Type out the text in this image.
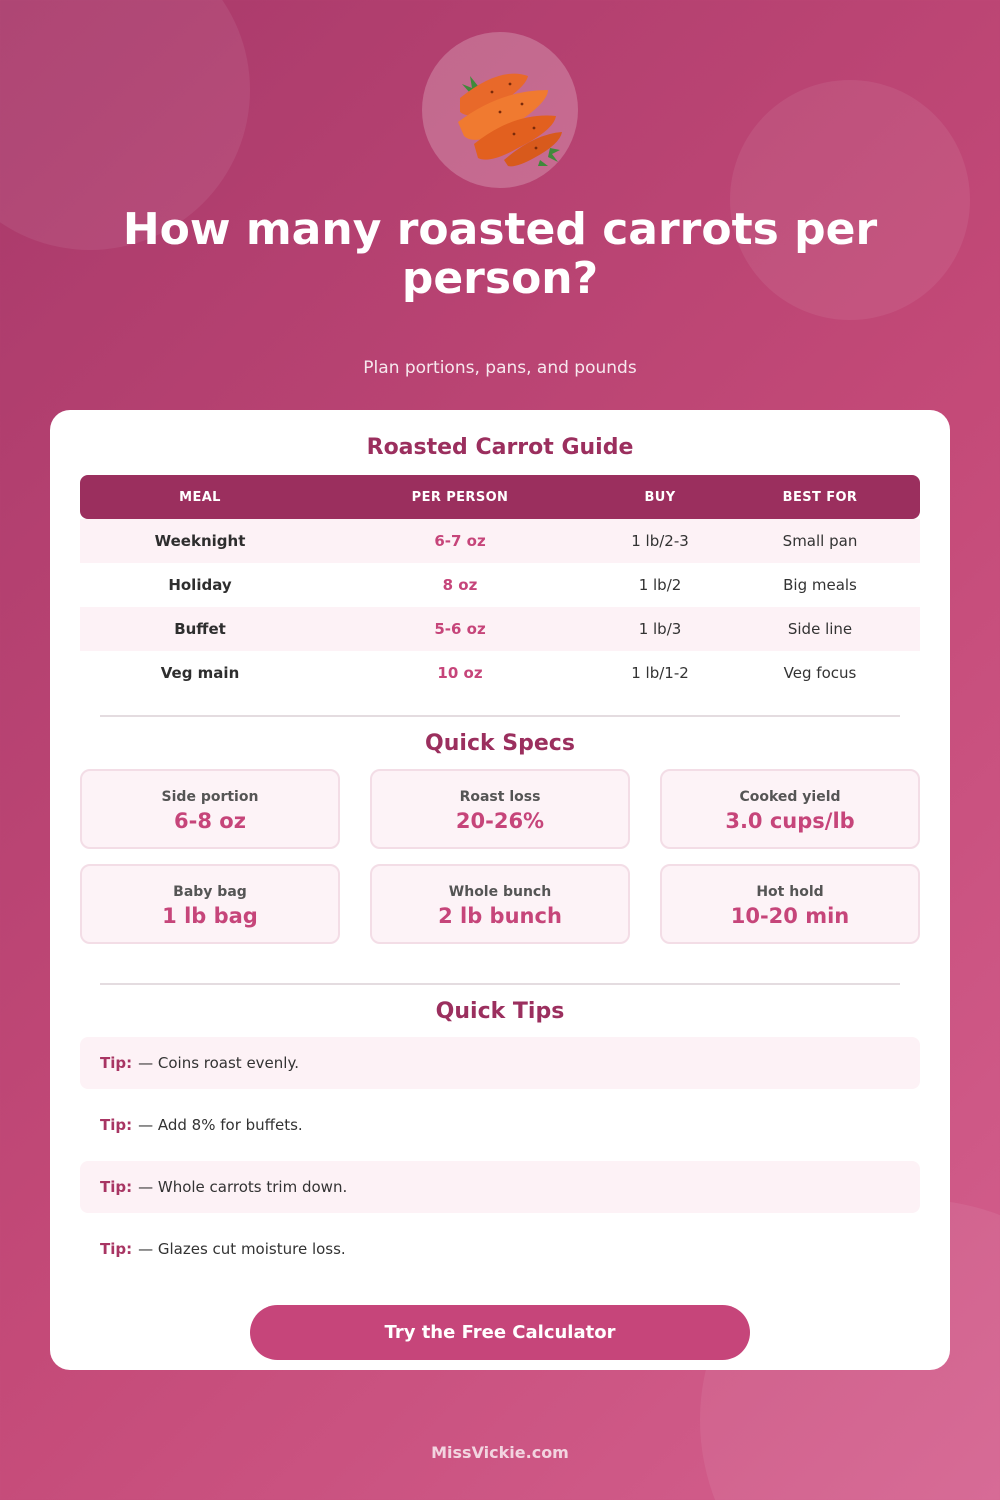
How many roasted carrots per person?
Plan portions, pans, and pounds
Roasted Carrot Guide
MEAL	PER PERSON	BUY	BEST FOR
Weeknight	6-7 oz	1 lb/2-3	Small pan
Holiday	8 oz	1 lb/2	Big meals
Buffet	5-6 oz	1 lb/3	Side line
Veg main	10 oz	1 lb/1-2	Veg focus
Quick Specs
Side portion
6-8 oz
Roast loss
20-26%
Cooked yield
3.0 cups/lb
Baby bag
1 lb bag
Whole bunch
2 lb bunch
Hot hold
10-20 min
Quick Tips
Tip: — Coins roast evenly.
Tip: — Add 8% for buffets.
Tip: — Whole carrots trim down.
Tip: — Glazes cut moisture loss.
Try the Free Calculator
MissVickie.com
